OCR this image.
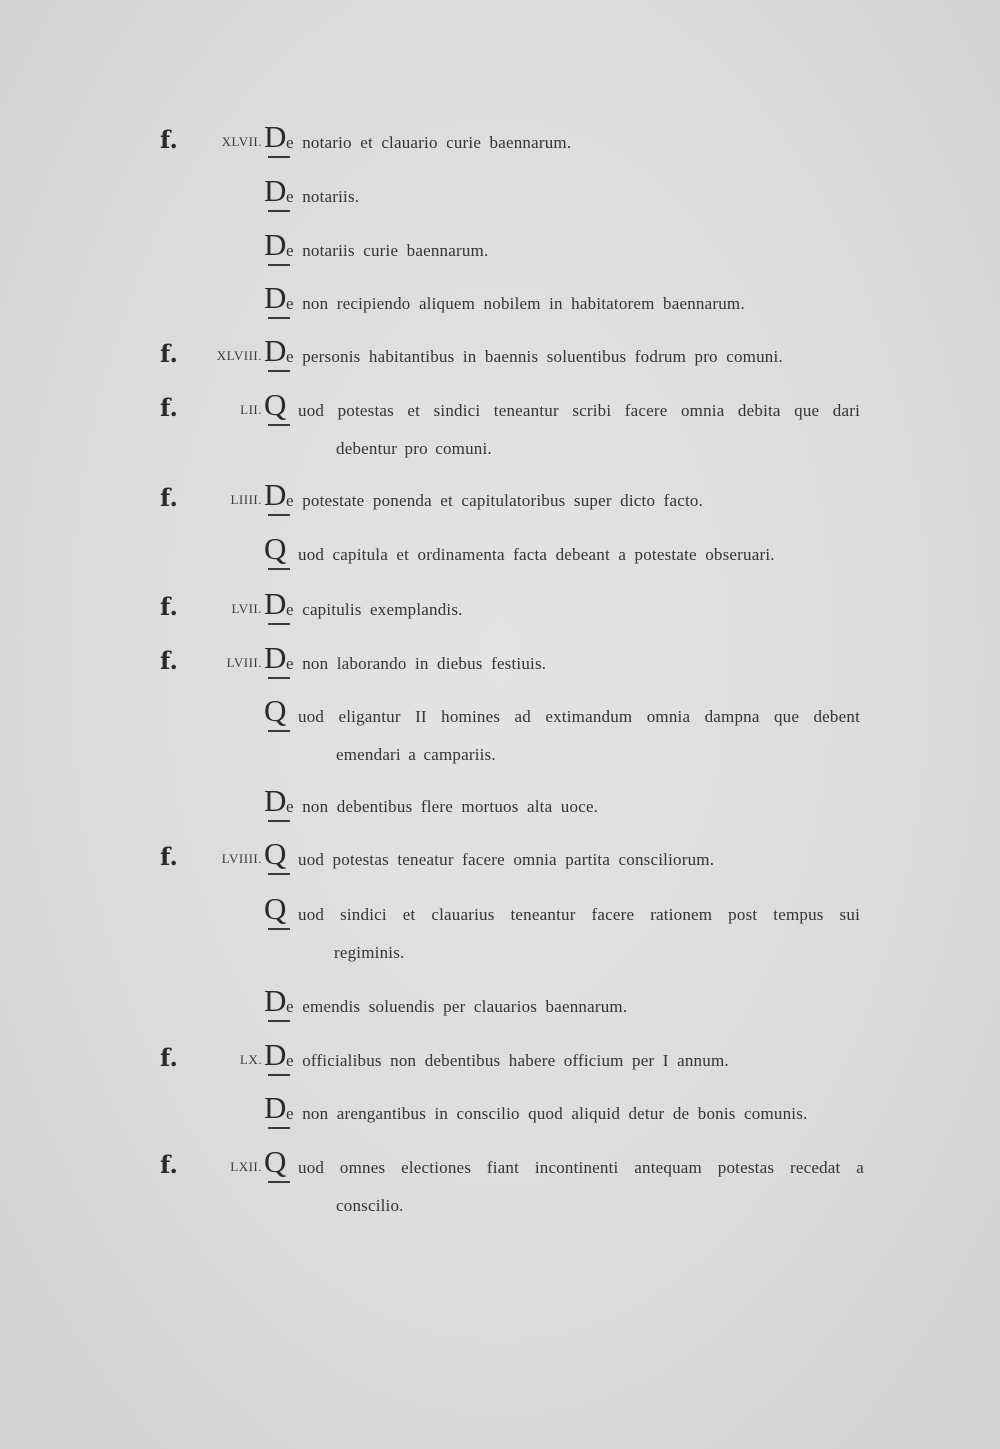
f.	XLVII. D e notario et clauario curie baennarum.
D e notariis.
D e notariis curie baennarum.
D e non recipiendo aliquem nobilem in habitatorem baennarum.
f.	XLVIII. D e personis habitantibus in baennis soluentibus fodrum pro comuni.
f.	LII. Q uod potestas et sindici teneantur scribi facere omnia debita que dari
debentur pro comuni.
f.	LIIII. D e potestate ponenda et capitulatoribus super dicto facto.
Q uod capitula et ordinamenta facta debeant a potestate obseruari.
f.	LVII. D e capitulis exemplandis.
f.	LVIII. D e non laborando in diebus festiuis.
Q uod eligantur II homines ad extimandum omnia dampna que debent
emendari a campariis.
D e non debentibus flere mortuos alta uoce.
f.	LVIIII. Q uod potestas teneatur facere omnia partita consciliorum.
Q uod sindici et clauarius teneantur facere rationem post tempus sui
regiminis.
D e emendis soluendis per clauarios baennarum.
f.	LX. D e officialibus non debentibus habere officium per I annum.
D e non arengantibus in conscilio quod aliquid detur de bonis comunis.
f.	LXII. Q uod omnes electiones fiant incontinenti antequam potestas recedat a
conscilio.
